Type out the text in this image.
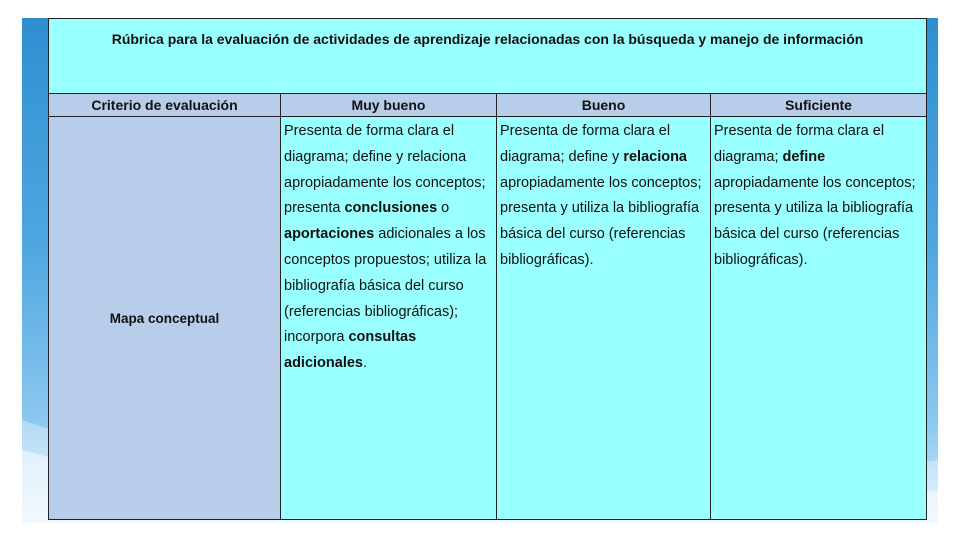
Rúbrica para la evaluación de actividades de aprendizaje relacionadas con la búsqueda y manejo de información			
Criterio de evaluación	Muy bueno	Bueno	Suficiente
Mapa conceptual	Presenta de forma clara el diagrama; define y relaciona apropiadamente los conceptos; presenta conclusiones o aportaciones adicionales a los conceptos propuestos; utiliza la bibliografía básica del curso (referencias bibliográficas); incorpora consultas adicionales.	Presenta de forma clara el diagrama; define y relaciona apropiadamente los conceptos; presenta y utiliza la bibliografía básica del curso (referencias bibliográficas).	Presenta de forma clara el diagrama; define apropiadamente los conceptos; presenta y utiliza la bibliografía básica del curso (referencias bibliográficas).
